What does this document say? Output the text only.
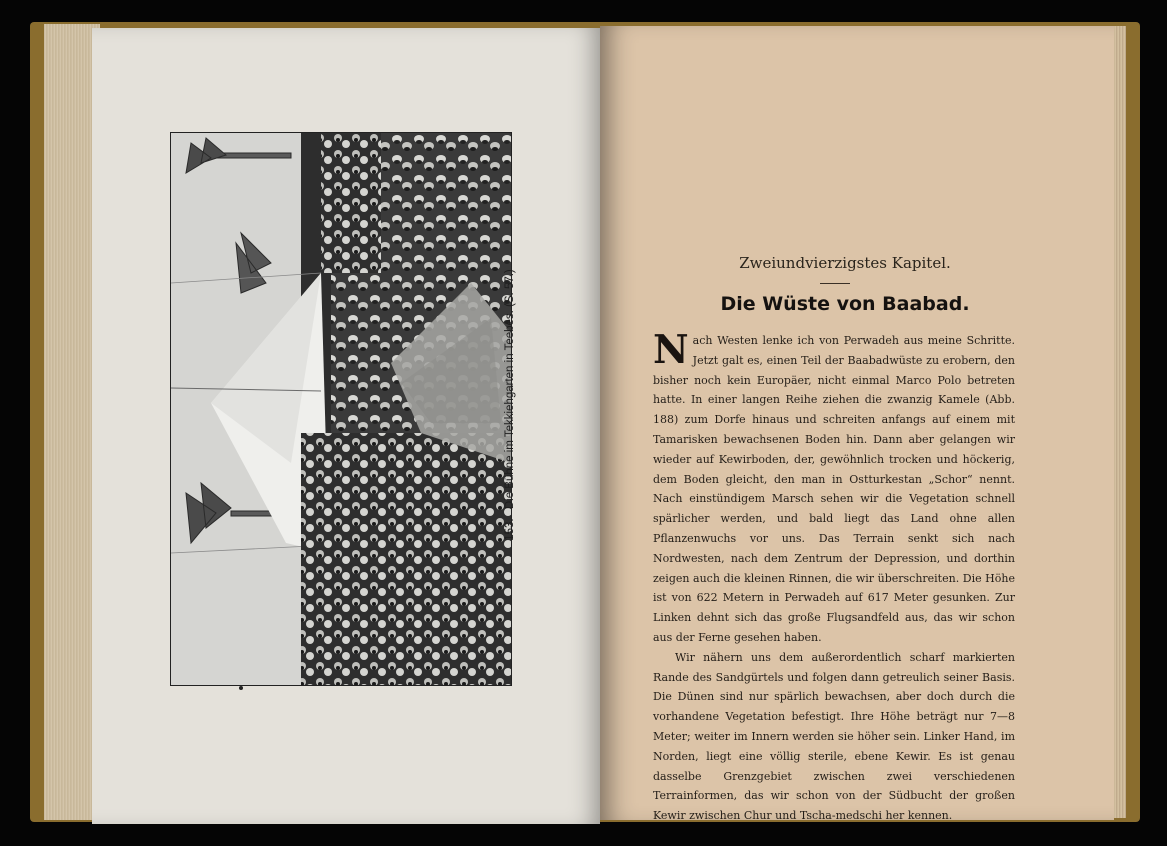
153. Die Bühne im Tekkiehgarten in Teebes. (S. 57.)
Zweiundvierzigstes Kapitel.
Die Wüste von Baabad.

Nach Westen lenke ich von Perwadeh aus meine Schritte. Jetzt galt es, einen Teil der Baabadwüste zu erobern, den bisher noch kein Europäer, nicht einmal Marco Polo betreten hatte. In einer langen Reihe ziehen die zwanzig Kamele (Abb. 188) zum Dorfe hinaus und schreiten anfangs auf einem mit Tamarisken bewachsenen Boden hin. Dann aber gelangen wir wieder auf Kewirboden, der, gewöhnlich trocken und höckerig, dem Boden gleicht, den man in Ostturkestan „Schor“ nennt. Nach einstündigem Marsch sehen wir die Vegetation schnell spärlicher werden, und bald liegt das Land ohne allen Pflanzenwuchs vor uns. Das Terrain senkt sich nach Nordwesten, nach dem Zentrum der Depression, und dorthin zeigen auch die kleinen Rinnen, die wir überschreiten. Die Höhe ist von 622 Metern in Perwadeh auf 617 Meter gesunken. Zur Linken dehnt sich das große Flugsandfeld aus, das wir schon aus der Ferne gesehen haben.

Wir nähern uns dem außerordentlich scharf markierten Rande des Sandgürtels und folgen dann getreulich seiner Basis. Die Dünen sind nur spärlich bewachsen, aber doch durch die vorhandene Vegetation befestigt. Ihre Höhe beträgt nur 7—8 Meter; weiter im Innern werden sie höher sein. Linker Hand, im Norden, liegt eine völlig sterile, ebene Kewir. Es ist genau dasselbe Grenzgebiet zwischen zwei verschiedenen Terrainformen, das wir schon von der Südbucht der großen Kewir zwischen Chur und Tscha-medschi her kennen.
